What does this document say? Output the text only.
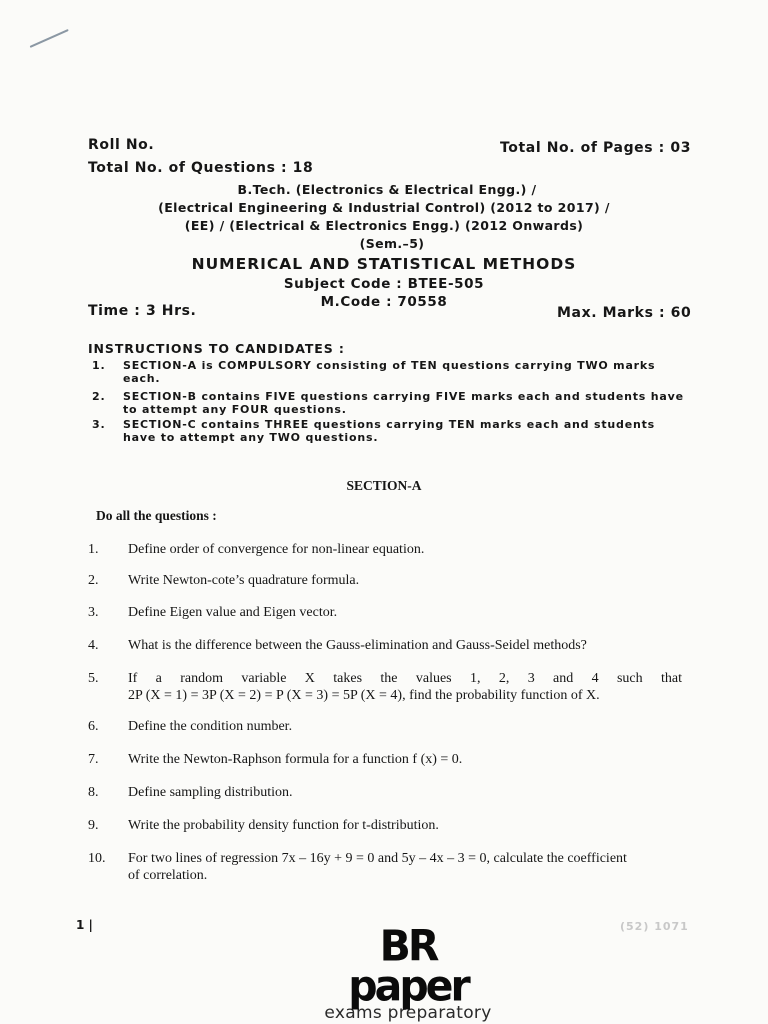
Roll No.	Total No. of Pages : 03
Total No. of Questions : 18
B.Tech. (Electronics & Electrical Engg.) /
(Electrical Engineering & Industrial Control) (2012 to 2017) /
(EE) / (Electrical & Electronics Engg.) (2012 Onwards)
(Sem.–5)
NUMERICAL AND STATISTICAL METHODS
Subject Code : BTEE-505
M.Code : 70558
Time : 3 Hrs.	Max. Marks : 60
INSTRUCTIONS TO CANDIDATES :
1. SECTION-A is COMPULSORY consisting of TEN questions carrying TWO marks each.
2. SECTION-B contains FIVE questions carrying FIVE marks each and students have to attempt any FOUR questions.
3. SECTION-C contains THREE questions carrying TEN marks each and students have to attempt any TWO questions.
SECTION-A
Do all the questions :
1.	Define order of convergence for non-linear equation.
2.	Write Newton-cote’s quadrature formula.
3.	Define Eigen value and Eigen vector.
4.	What is the difference between the Gauss-elimination and Gauss-Seidel methods?
5.	If a random variable X takes the values 1, 2, 3 and 4 such that
2P (X = 1) = 3P (X = 2) = P (X = 3) = 5P (X = 4), find the probability function of X.
6.	Define the condition number.
7.	Write the Newton-Raphson formula for a function f (x) = 0.
8.	Define sampling distribution.
9.	Write the probability density function for t-distribution.
10.	For two lines of regression 7x – 16y + 9 = 0 and 5y – 4x – 3 = 0, calculate the coefficient
of correlation.
1 |	(52) 1071
BR paper
exams preparatory
